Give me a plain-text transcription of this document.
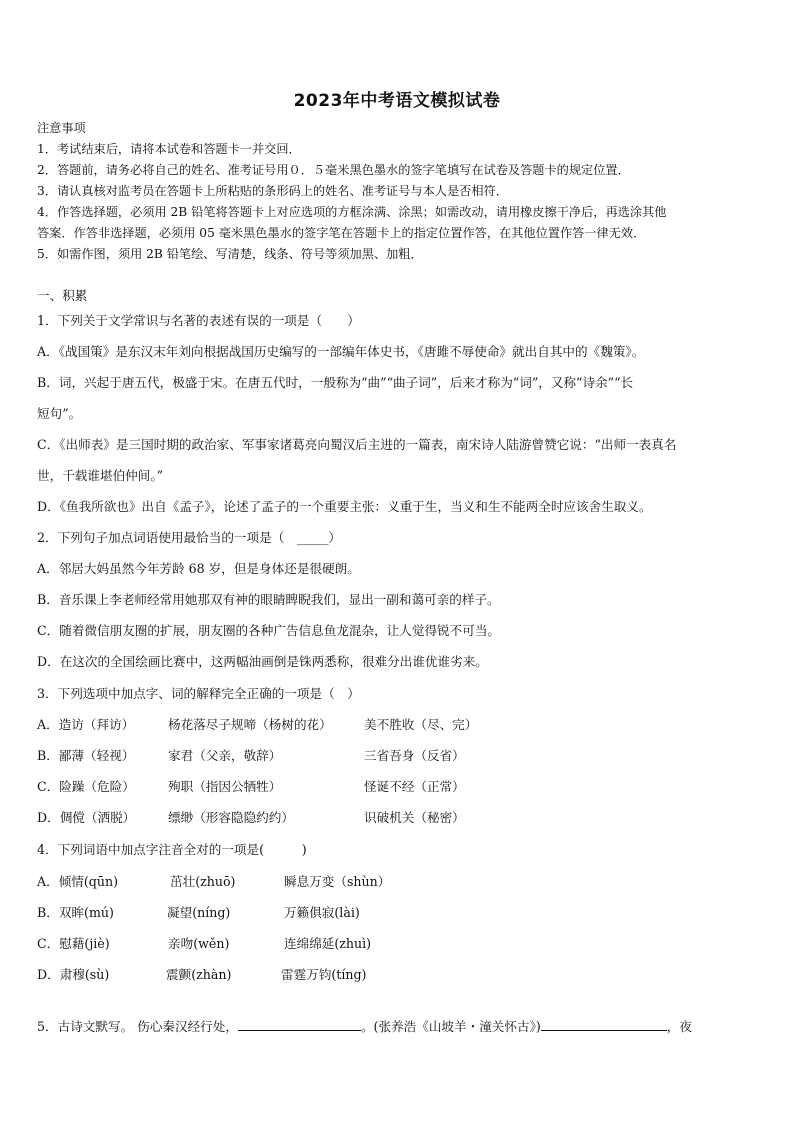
2023年中考语文模拟试卷
注意事项
1．考试结束后，请将本试卷和答题卡一并交回．
2．答题前，请务必将自己的姓名、准考证号用０．５毫米黑色墨水的签字笔填写在试卷及答题卡的规定位置．
3．请认真核对监考员在答题卡上所粘贴的条形码上的姓名、准考证号与本人是否相符．
4．作答选择题，必须用 2B 铅笔将答题卡上对应选项的方框涂满、涂黑；如需改动，请用橡皮擦干净后，再选涂其他
答案．作答非选择题，必须用 05 毫米黑色墨水的签字笔在答题卡上的指定位置作答，在其他位置作答一律无效．
5．如需作图，须用 2B 铅笔绘、写清楚，线条、符号等须加黑、加粗．
一、积累
1．下列关于文学常识与名著的表述有误的一项是（　　）
A．《战国策》是东汉末年刘向根据战国历史编写的一部编年体史书，《唐雎不辱使命》就出自其中的《魏策》。
B．词，兴起于唐五代，极盛于宋。在唐五代时，一般称为“曲”“曲子词”，后来才称为“词”，又称“诗余”“长
短句”。
C．《出师表》是三国时期的政治家、军事家诸葛亮向蜀汉后主进的一篇表，南宋诗人陆游曾赞它说：“出师一表真名
世，千载谁堪伯仲间。”
D．《鱼我所欲也》出自《孟子》，论述了孟子的一个重要主张：义重于生，当义和生不能两全时应该舍生取义。
2．下列句子加点词语使用最恰当的一项是（　_____）
A．邻居大妈虽然今年芳龄 68 岁，但是身体还是很硬朗。
B．音乐课上李老师经常用她那双有神的眼睛睥睨我们，显出一副和蔼可亲的样子。
C．随着微信朋友圈的扩展，朋友圈的各种广告信息鱼龙混杂，让人觉得锐不可当。
D．在这次的全国绘画比赛中，这两幅油画倒是铢两悉称，很难分出谁优谁劣来。
3．下列选项中加点字、词的解释完全正确的一项是（　）
A．造访（拜访）	杨花落尽子规啼（杨树的花）	美不胜收（尽、完）
B．鄙薄（轻视）	家君（父亲，敬辞）	三省吾身（反省）
C．险躁（危险）	殉职（指因公牺牲）	怪诞不经（正常）
D．倜傥（洒脱）	缥缈（形容隐隐约约）	识破机关（秘密）
4．下列词语中加点字注音全对的一项是(　　　)
A．倾情(qūn)	茁壮(zhuō)	瞬息万变（shùn）
B．双眸(mú)	凝望(níng)	万籁俱寂(lài)
C．慰藉(jiè)	亲吻(wěn)	连绵绵延(zhuì)
D．肃穆(sù)	震颤(zhàn)	雷霆万钧(tíng)
5．古诗文默写。 伤心秦汉经行处，	。(张养浩《山坡羊・潼关怀古》)	，夜
